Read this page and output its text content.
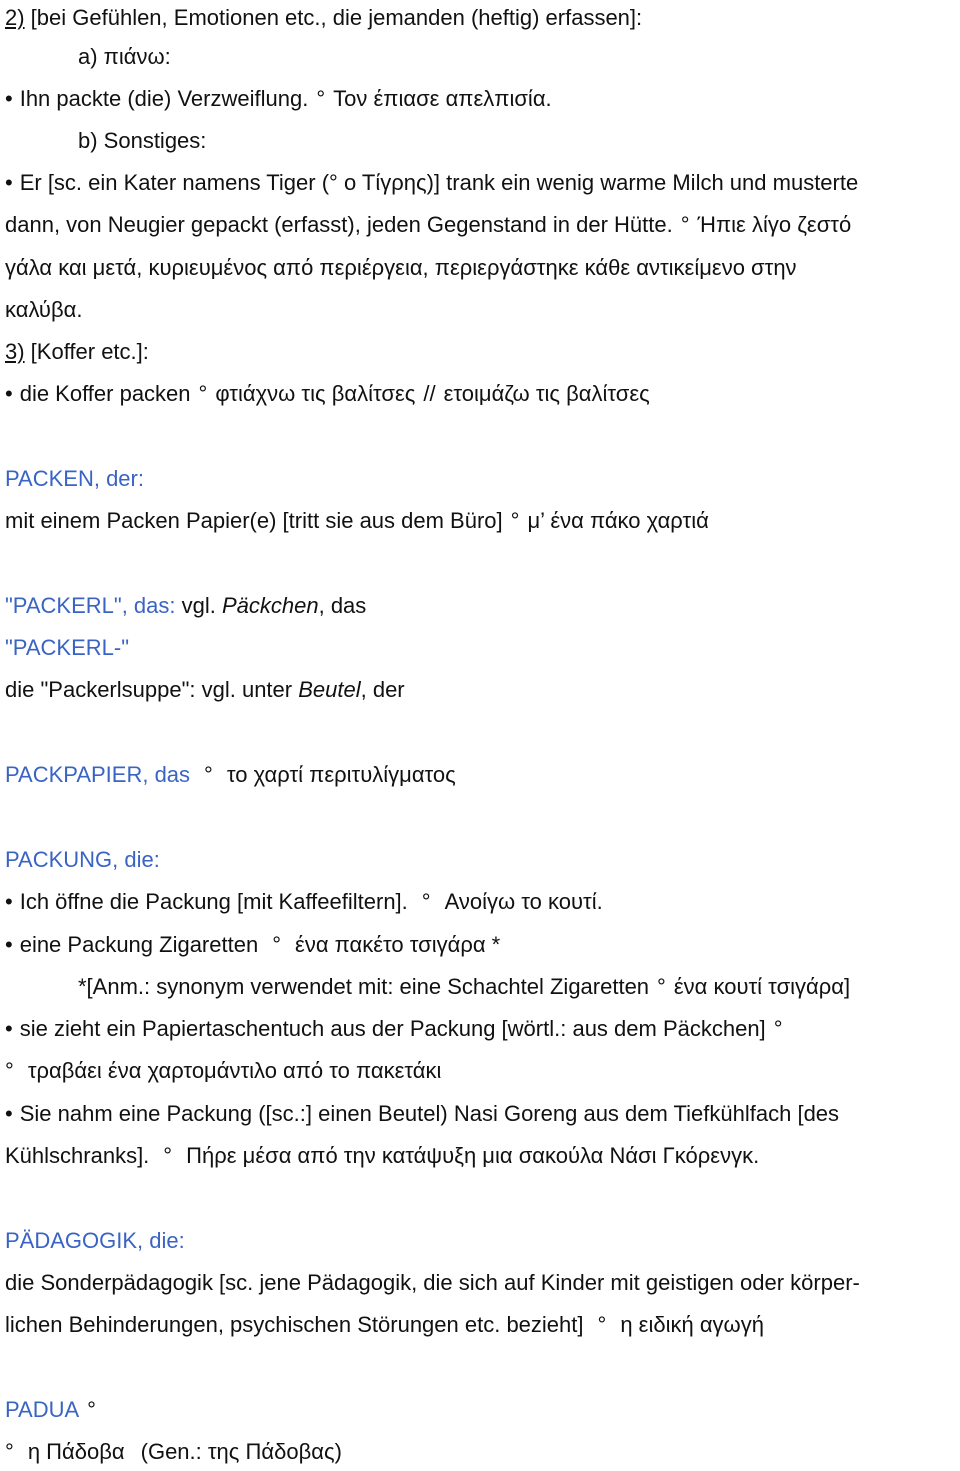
2) [bei Gefühlen, Emotionen etc., die jemanden (heftig) erfassen]:
a) πιάνω:
• Ihn packte (die) Verzweiflung. ° Τον έπιασε απελπισία.
b) Sonstiges:
• Er [sc. ein Kater namens Tiger (° ο Τίγρης)] trank ein wenig warme Milch und musterte
dann, von Neugier gepackt (erfasst), jeden Gegenstand in der Hütte. ° Ήπιε λίγο ζεστό
γάλα και μετά, κυριευμένος από περιέργεια, περιεργάστηκε κάθε αντικείμενο στην
καλύβα.
3) [Koffer etc.]:
• die Koffer packen ° φτιάχνω τις βαλίτσες // ετοιμάζω τις βαλίτσες
PACKEN, der:
mit einem Packen Papier(e) [tritt sie aus dem Büro] ° μ’ ένα πάκο χαρτιά
"PACKERL", das: vgl. Päckchen, das
"PACKERL-"
die "Packerlsuppe": vgl. unter Beutel, der
PACKPAPIER, das ° το χαρτί περιτυλίγματος
PACKUNG, die:
• Ich öffne die Packung [mit Kaffeefiltern]. ° Ανοίγω το κουτί.
• eine Packung Zigaretten ° ένα πακέτο τσιγάρα *
*[Anm.: synonym verwendet mit: eine Schachtel Zigaretten ° ένα κουτί τσιγάρα]
• sie zieht ein Papiertaschentuch aus der Packung [wörtl.: aus dem Päckchen] °
° τραβάει ένα χαρτομάντιλο από το πακετάκι
• Sie nahm eine Packung ([sc.:] einen Beutel) Nasi Goreng aus dem Tiefkühlfach [des
Kühlschranks]. ° Πήρε μέσα από την κατάψυξη μια σακούλα Νάσι Γκόρενγκ.
PÄDAGOGIK, die:
die Sonderpädagogik [sc. jene Pädagogik, die sich auf Kinder mit geistigen oder körper-
lichen Behinderungen, psychischen Störungen etc. bezieht] ° η ειδική αγωγή
PADUA °
° η Πάδοβα (Gen.: της Πάδοβας)
